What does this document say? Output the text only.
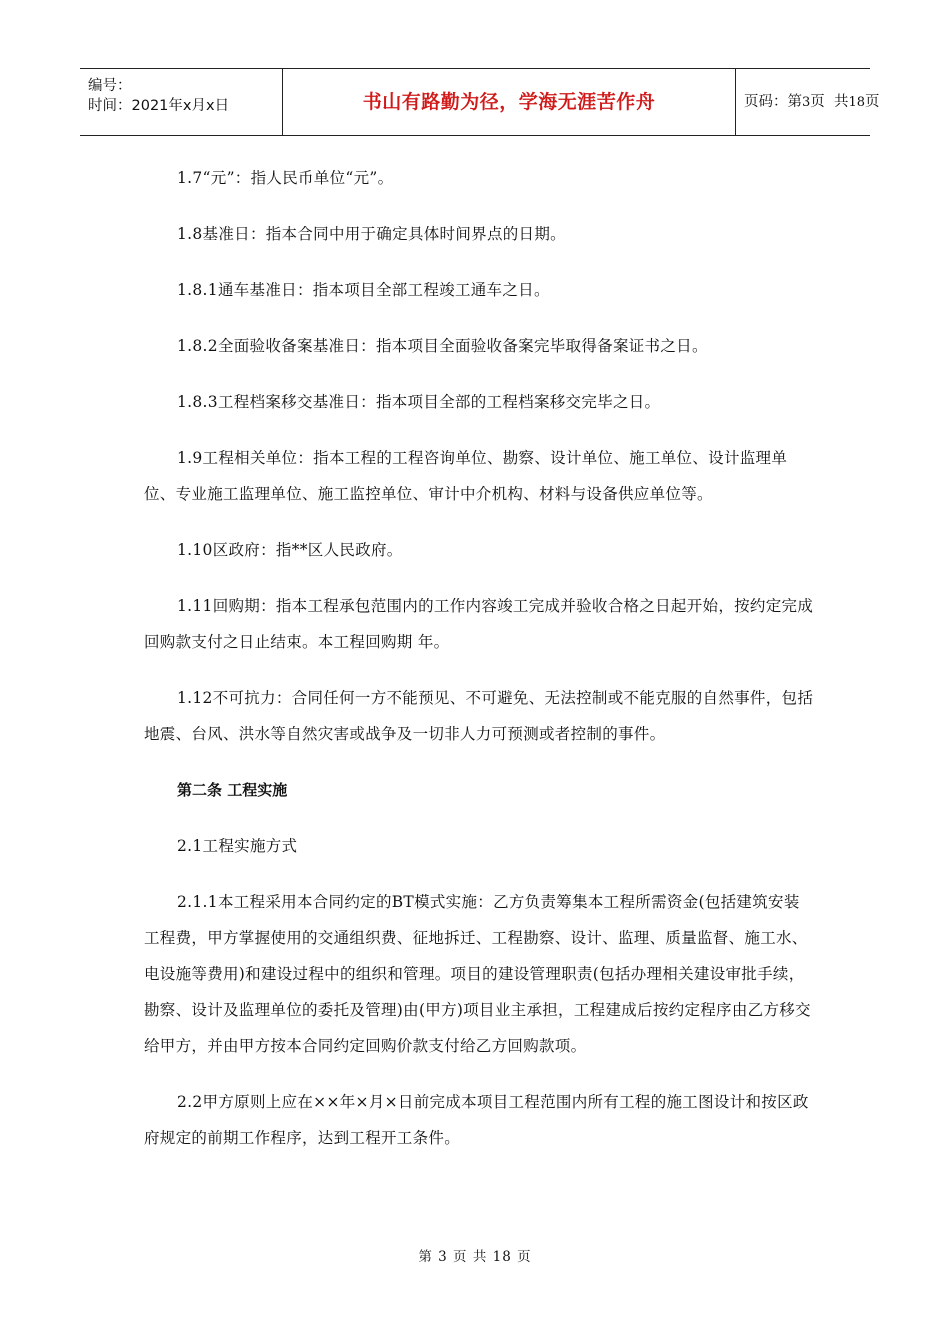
编号：
时间：2021年x月x日	书山有路勤为径，学海无涯苦作舟	页码：第3页  共18页

1.7“元”：指人民币单位“元”。

1.8基准日：指本合同中用于确定具体时间界点的日期。

1.8.1通车基准日：指本项目全部工程竣工通车之日。

1.8.2全面验收备案基准日：指本项目全面验收备案完毕取得备案证书之日。

1.8.3工程档案移交基准日：指本项目全部的工程档案移交完毕之日。

1.9工程相关单位：指本工程的工程咨询单位、勘察、设计单位、施工单位、设计监理单位、专业施工监理单位、施工监控单位、审计中介机构、材料与设备供应单位等。

1.10区政府：指**区人民政府。

1.11回购期：指本工程承包范围内的工作内容竣工完成并验收合格之日起开始，按约定完成回购款支付之日止结束。本工程回购期 年。

1.12不可抗力：合同任何一方不能预见、不可避免、无法控制或不能克服的自然事件，包括地震、台风、洪水等自然灾害或战争及一切非人力可预测或者控制的事件。

第二条 工程实施

2.1工程实施方式

2.1.1本工程采用本合同约定的BT模式实施：乙方负责筹集本工程所需资金(包括建筑安装工程费，甲方掌握使用的交通组织费、征地拆迁、工程勘察、设计、监理、质量监督、施工水、电设施等费用)和建设过程中的组织和管理。项目的建设管理职责(包括办理相关建设审批手续，勘察、设计及监理单位的委托及管理)由(甲方)项目业主承担，工程建成后按约定程序由乙方移交给甲方，并由甲方按本合同约定回购价款支付给乙方回购款项。

2.2甲方原则上应在××年×月×日前完成本项目工程范围内所有工程的施工图设计和按区政府规定的前期工作程序，达到工程开工条件。

第 3 页 共 18 页
